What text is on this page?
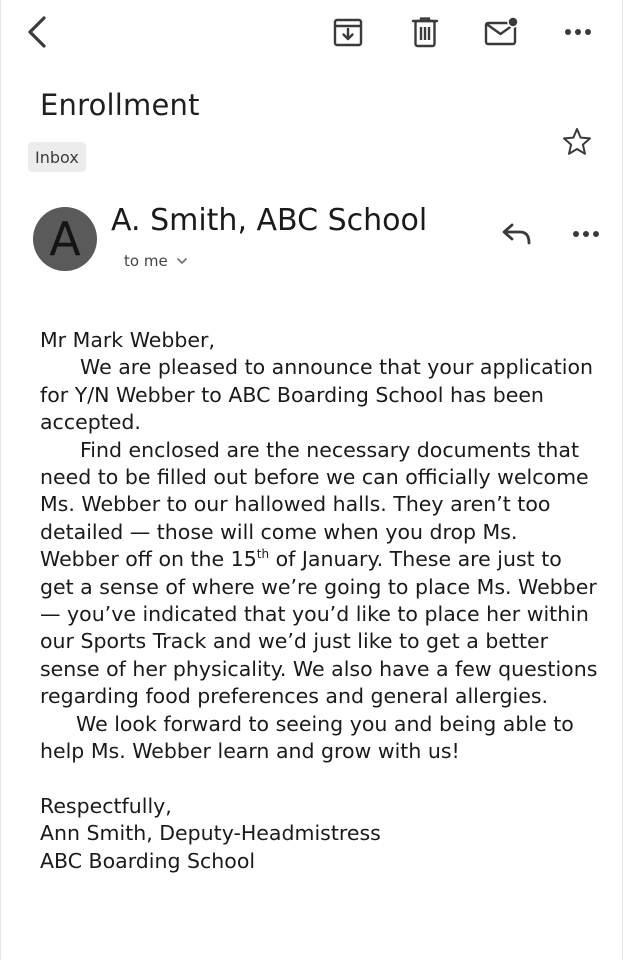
Enrollment
Inbox
A	A. Smith, ABC School
to me

Mr Mark Webber,

We are pleased to announce that your application for Y/N Webber to ABC Boarding School has been accepted.

Find enclosed are the necessary documents that need to be filled out before we can officially welcome Ms. Webber to our hallowed halls. They aren’t too detailed — those will come when you drop Ms. Webber off on the 15th of January. These are just to get a sense of where we’re going to place Ms. Webber — you’ve indicated that you’d like to place her within our Sports Track and we’d just like to get a better sense of her physicality. We also have a few questions regarding food preferences and general allergies.

We look forward to seeing you and being able to help Ms. Webber learn and grow with us!

Respectfully,

Ann Smith, Deputy-Headmistress

ABC Boarding School
